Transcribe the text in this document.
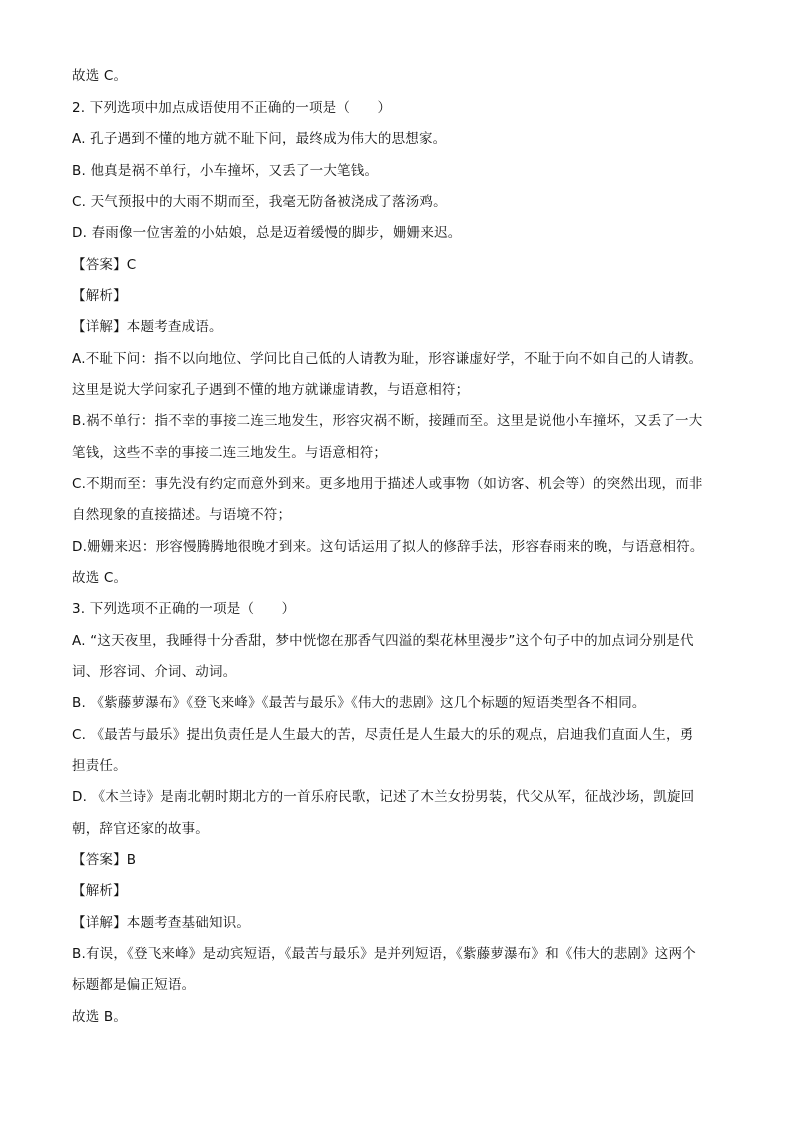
故选 C。
2. 下列选项中加点成语使用不正确的一项是（　　）
A. 孔子遇到不懂的地方就不耻下问，最终成为伟大的思想家。
B. 他真是祸不单行，小车撞坏，又丢了一大笔钱。
C. 天气预报中的大雨不期而至，我毫无防备被浇成了落汤鸡。
D. 春雨像一位害羞的小姑娘，总是迈着缓慢的脚步，姗姗来迟。
【答案】C
【解析】
【详解】本题考查成语。
A.不耻下问：指不以向地位、学问比自己低的人请教为耻，形容谦虚好学，不耻于向不如自己的人请教。
这里是说大学问家孔子遇到不懂的地方就谦虚请教，与语意相符；
B.祸不单行：指不幸的事接二连三地发生，形容灾祸不断，接踵而至。这里是说他小车撞坏，又丢了一大
笔钱，这些不幸的事接二连三地发生。与语意相符；
C.不期而至：事先没有约定而意外到来。更多地用于描述人或事物（如访客、机会等）的突然出现，而非
自然现象的直接描述。与语境不符；
D.姗姗来迟：形容慢腾腾地很晚才到来。这句话运用了拟人的修辞手法，形容春雨来的晚，与语意相符。
故选 C。
3. 下列选项不正确的一项是（　　）
A. “这天夜里，我睡得十分香甜，梦中恍惚在那香气四溢的梨花林里漫步”这个句子中的加点词分别是代
词、形容词、介词、动词。
B. 《紫藤萝瀑布》《登飞来峰》《最苦与最乐》《伟大的悲剧》这几个标题的短语类型各不相同。
C. 《最苦与最乐》提出负责任是人生最大的苦，尽责任是人生最大的乐的观点，启迪我们直面人生，勇
担责任。
D. 《木兰诗》是南北朝时期北方的一首乐府民歌，记述了木兰女扮男装，代父从军，征战沙场，凯旋回
朝，辞官还家的故事。
【答案】B
【解析】
【详解】本题考查基础知识。
B.有误，《登飞来峰》是动宾短语，《最苦与最乐》是并列短语，《紫藤萝瀑布》和《伟大的悲剧》这两个
标题都是偏正短语。
故选 B。
